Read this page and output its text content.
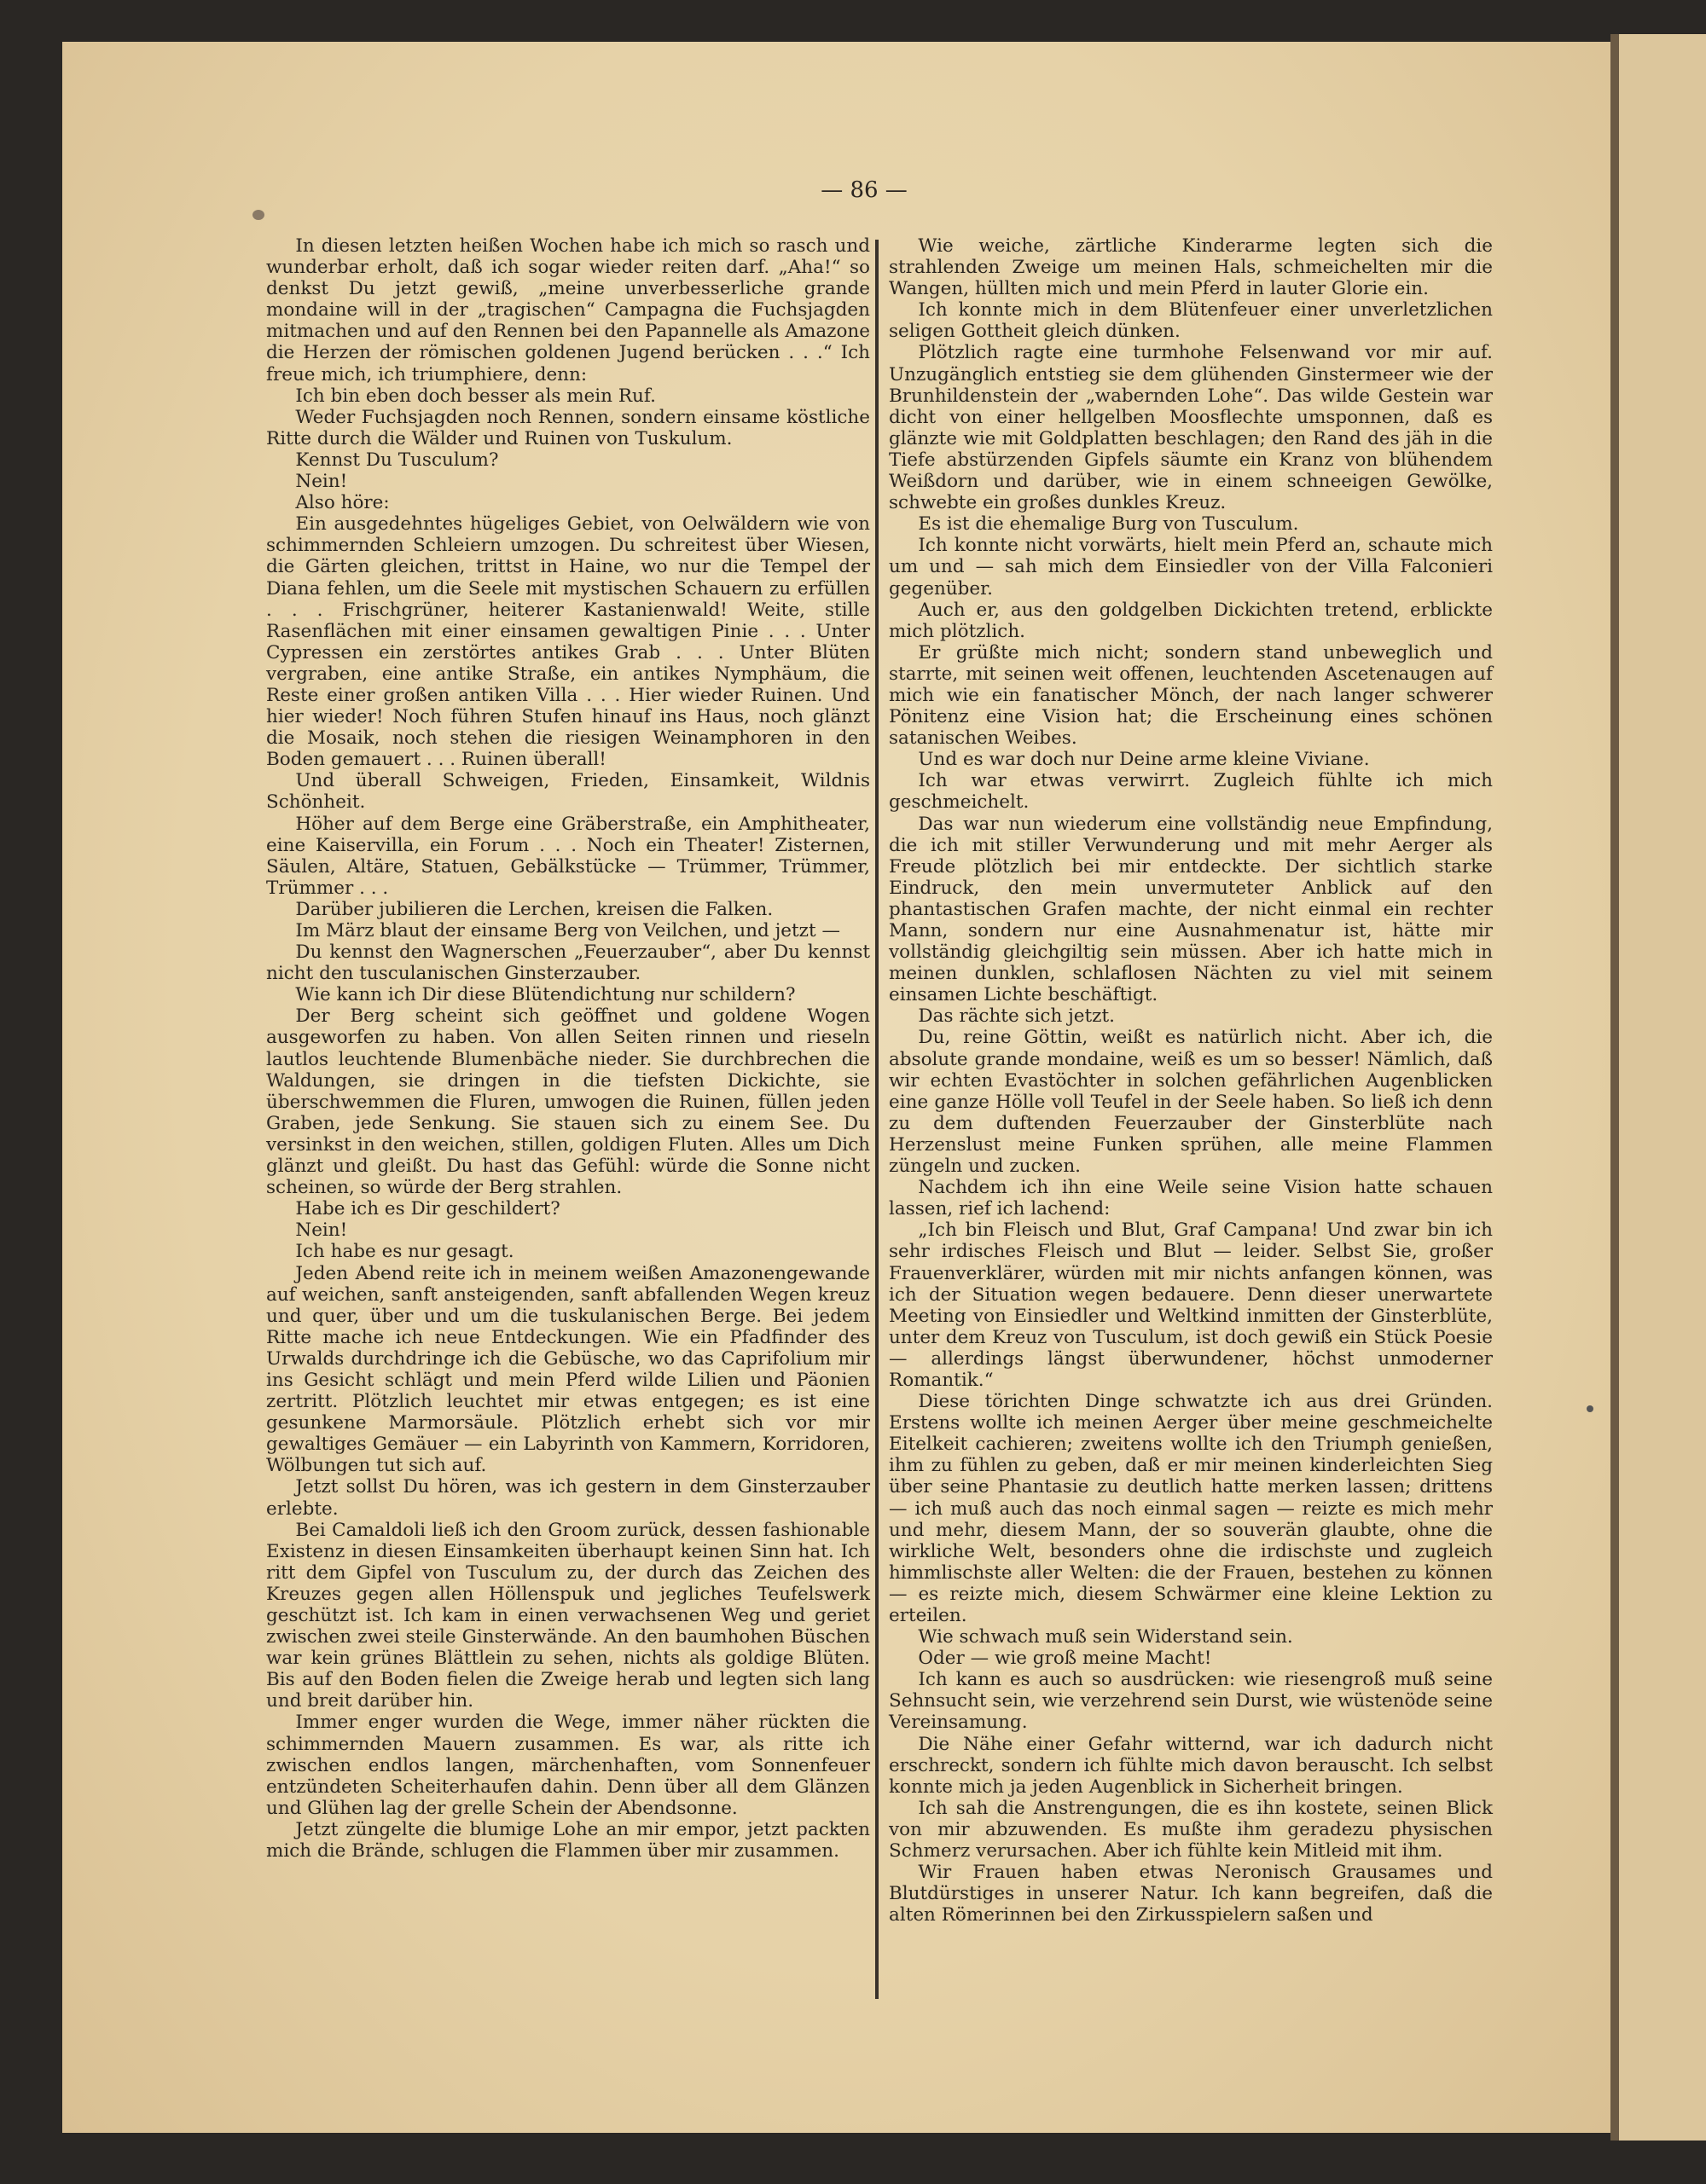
— 86 —

In diesen letzten heißen Wochen habe ich mich so rasch und wunderbar erholt, daß ich sogar wieder reiten darf. „Aha!“ so denkst Du jetzt gewiß, „meine unverbesserliche grande mondaine will in der „tragischen“ Campagna die Fuchsjagden mitmachen und auf den Rennen bei den Papannelle als Amazone die Herzen der römischen goldenen Jugend berücken . . .“ Ich freue mich, ich triumphiere, denn:

Ich bin eben doch besser als mein Ruf.

Weder Fuchsjagden noch Rennen, sondern einsame köstliche Ritte durch die Wälder und Ruinen von Tuskulum.

Kennst Du Tusculum?

Nein!

Also höre:

Ein ausgedehntes hügeliges Gebiet, von Oelwäldern wie von schimmernden Schleiern umzogen. Du schreitest über Wiesen, die Gärten gleichen, trittst in Haine, wo nur die Tempel der Diana fehlen, um die Seele mit mystischen Schauern zu erfüllen . . . Frischgrüner, heiterer Kastanienwald! Weite, stille Rasenflächen mit einer einsamen gewaltigen Pinie . . . Unter Cypressen ein zerstörtes antikes Grab . . . Unter Blüten vergraben, eine antike Straße, ein antikes Nymphäum, die Reste einer großen antiken Villa . . . Hier wieder Ruinen. Und hier wieder! Noch führen Stufen hinauf ins Haus, noch glänzt die Mosaik, noch stehen die riesigen Weinamphoren in den Boden gemauert . . . Ruinen überall!

Und überall Schweigen, Frieden, Einsamkeit, Wildnis Schönheit.

Höher auf dem Berge eine Gräberstraße, ein Amphitheater, eine Kaiservilla, ein Forum . . . Noch ein Theater! Zisternen, Säulen, Altäre, Statuen, Gebälkstücke — Trümmer, Trümmer, Trümmer . . .

Darüber jubilieren die Lerchen, kreisen die Falken.

Im März blaut der einsame Berg von Veilchen, und jetzt —

Du kennst den Wagnerschen „Feuerzauber“, aber Du kennst nicht den tusculanischen Ginsterzauber.

Wie kann ich Dir diese Blütendichtung nur schildern?

Der Berg scheint sich geöffnet und goldene Wogen ausgeworfen zu haben. Von allen Seiten rinnen und rieseln lautlos leuchtende Blumenbäche nieder. Sie durchbrechen die Waldungen, sie dringen in die tiefsten Dickichte, sie überschwemmen die Fluren, umwogen die Ruinen, füllen jeden Graben, jede Senkung. Sie stauen sich zu einem See. Du versinkst in den weichen, stillen, goldigen Fluten. Alles um Dich glänzt und gleißt. Du hast das Gefühl: würde die Sonne nicht scheinen, so würde der Berg strahlen.

Habe ich es Dir geschildert?

Nein!

Ich habe es nur gesagt.

Jeden Abend reite ich in meinem weißen Amazonengewande auf weichen, sanft ansteigenden, sanft abfallenden Wegen kreuz und quer, über und um die tuskulanischen Berge. Bei jedem Ritte mache ich neue Entdeckungen. Wie ein Pfadfinder des Urwalds durchdringe ich die Gebüsche, wo das Caprifolium mir ins Gesicht schlägt und mein Pferd wilde Lilien und Päonien zertritt. Plötzlich leuchtet mir etwas entgegen; es ist eine gesunkene Marmorsäule. Plötzlich erhebt sich vor mir gewaltiges Gemäuer — ein Labyrinth von Kammern, Korridoren, Wölbungen tut sich auf.

Jetzt sollst Du hören, was ich gestern in dem Ginsterzauber erlebte.

Bei Camaldoli ließ ich den Groom zurück, dessen fashionable Existenz in diesen Einsamkeiten überhaupt keinen Sinn hat. Ich ritt dem Gipfel von Tusculum zu, der durch das Zeichen des Kreuzes gegen allen Höllenspuk und jegliches Teufelswerk geschützt ist. Ich kam in einen verwachsenen Weg und geriet zwischen zwei steile Ginsterwände. An den baumhohen Büschen war kein grünes Blättlein zu sehen, nichts als goldige Blüten. Bis auf den Boden fielen die Zweige herab und legten sich lang und breit darüber hin.

Immer enger wurden die Wege, immer näher rückten die schimmernden Mauern zusammen. Es war, als ritte ich zwischen endlos langen, märchenhaften, vom Sonnenfeuer entzündeten Scheiterhaufen dahin. Denn über all dem Glänzen und Glühen lag der grelle Schein der Abendsonne.

Jetzt züngelte die blumige Lohe an mir empor, jetzt packten mich die Brände, schlugen die Flammen über mir zusammen.

Wie weiche, zärtliche Kinderarme legten sich die strahlenden Zweige um meinen Hals, schmeichelten mir die Wangen, hüllten mich und mein Pferd in lauter Glorie ein.

Ich konnte mich in dem Blütenfeuer einer unverletzlichen seligen Gottheit gleich dünken.

Plötzlich ragte eine turmhohe Felsenwand vor mir auf. Unzugänglich entstieg sie dem glühenden Ginstermeer wie der Brunhildenstein der „wabernden Lohe“. Das wilde Gestein war dicht von einer hellgelben Moosflechte umsponnen, daß es glänzte wie mit Goldplatten beschlagen; den Rand des jäh in die Tiefe abstürzenden Gipfels säumte ein Kranz von blühendem Weißdorn und darüber, wie in einem schneeigen Gewölke, schwebte ein großes dunkles Kreuz.

Es ist die ehemalige Burg von Tusculum.

Ich konnte nicht vorwärts, hielt mein Pferd an, schaute mich um und — sah mich dem Einsiedler von der Villa Falconieri gegenüber.

Auch er, aus den goldgelben Dickichten tretend, erblickte mich plötzlich.

Er grüßte mich nicht; sondern stand unbeweglich und starrte, mit seinen weit offenen, leuchtenden Ascetenaugen auf mich wie ein fanatischer Mönch, der nach langer schwerer Pönitenz eine Vision hat; die Erscheinung eines schönen satanischen Weibes.

Und es war doch nur Deine arme kleine Viviane.

Ich war etwas verwirrt. Zugleich fühlte ich mich geschmeichelt.

Das war nun wiederum eine vollständig neue Empfindung, die ich mit stiller Verwunderung und mit mehr Aerger als Freude plötzlich bei mir entdeckte. Der sichtlich starke Eindruck, den mein unvermuteter Anblick auf den phantastischen Grafen machte, der nicht einmal ein rechter Mann, sondern nur eine Ausnahmenatur ist, hätte mir vollständig gleichgiltig sein müssen. Aber ich hatte mich in meinen dunklen, schlaflosen Nächten zu viel mit seinem einsamen Lichte beschäftigt.

Das rächte sich jetzt.

Du, reine Göttin, weißt es natürlich nicht. Aber ich, die absolute grande mondaine, weiß es um so besser! Nämlich, daß wir echten Evastöchter in solchen gefährlichen Augenblicken eine ganze Hölle voll Teufel in der Seele haben. So ließ ich denn zu dem duftenden Feuerzauber der Ginsterblüte nach Herzenslust meine Funken sprühen, alle meine Flammen züngeln und zucken.

Nachdem ich ihn eine Weile seine Vision hatte schauen lassen, rief ich lachend:

„Ich bin Fleisch und Blut, Graf Campana! Und zwar bin ich sehr irdisches Fleisch und Blut — leider. Selbst Sie, großer Frauenverklärer, würden mit mir nichts anfangen können, was ich der Situation wegen bedauere. Denn dieser unerwartete Meeting von Einsiedler und Weltkind inmitten der Ginsterblüte, unter dem Kreuz von Tusculum, ist doch gewiß ein Stück Poesie — allerdings längst überwundener, höchst unmoderner Romantik.“

Diese törichten Dinge schwatzte ich aus drei Gründen. Erstens wollte ich meinen Aerger über meine geschmeichelte Eitelkeit cachieren; zweitens wollte ich den Triumph genießen, ihm zu fühlen zu geben, daß er mir meinen kinderleichten Sieg über seine Phantasie zu deutlich hatte merken lassen; drittens — ich muß auch das noch einmal sagen — reizte es mich mehr und mehr, diesem Mann, der so souverän glaubte, ohne die wirkliche Welt, besonders ohne die irdischste und zugleich himmlischste aller Welten: die der Frauen, bestehen zu können — es reizte mich, diesem Schwärmer eine kleine Lektion zu erteilen.

Wie schwach muß sein Widerstand sein.

Oder — wie groß meine Macht!

Ich kann es auch so ausdrücken: wie riesengroß muß seine Sehnsucht sein, wie verzehrend sein Durst, wie wüstenöde seine Vereinsamung.

Die Nähe einer Gefahr witternd, war ich dadurch nicht erschreckt, sondern ich fühlte mich davon berauscht. Ich selbst konnte mich ja jeden Augenblick in Sicherheit bringen.

Ich sah die Anstrengungen, die es ihn kostete, seinen Blick von mir abzuwenden. Es mußte ihm geradezu physischen Schmerz verursachen. Aber ich fühlte kein Mitleid mit ihm.

Wir Frauen haben etwas Neronisch Grausames und Blutdürstiges in unserer Natur. Ich kann begreifen, daß die alten Römerinnen bei den Zirkusspielern saßen und
